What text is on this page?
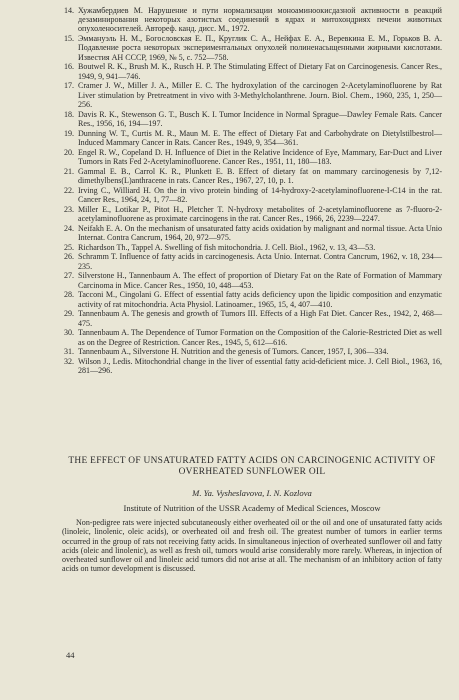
14. Хужамбердиев М. Нарушение и пути нормализации монoаминоокисдазной активности в реакций дезаминирования некоторых азотистых соединений в ядрах и митохондриях печени животных опухоленосителей. Автореф. канд. дисс. М., 1972.
15. Эммануэль Н. М., Богословская Е. П., Круглик С. А., Нейфах Е. А., Веревкина Е. М., Горьков В. А. Подавление роста некоторых экспериментальных опухолей полиненасыщенными жирными кислотами. Известия АН СССР, 1969, № 5, с. 752—758.
16. Boutwel R. K., Brush M. K., Rusch H. P. The Stimulating Effect of Dietary Fat on Carcinogenesis. Cancer Res., 1949, 9, 941—746.
17. Cramer J. W., Miller J. A., Miller E. C. The hydroxylation of the carcinogen 2-Acetylaminofluorene by Rat Liver stimulation by Pretreatment in vivo with 3-Methylcholanthrene. Journ. Biol. Chem., 1960, 235, 1, 250—256.
18. Davis R. K., Stewenson G. T., Busch K. I. Tumor Incidence in Normal Sprague—Dawley Female Rats. Cancer Res., 1956, 16, 194—197.
19. Dunning W. T., Curtis M. R., Maun M. E. The effect of Dietary Fat and Carbohydrate on Dietylstilbestrol—Induced Mammary Cancer in Rats. Cancer Res., 1949, 9, 354—361.
20. Engel R. W., Copeland D. H. Influence of Diet in the Relative Incidence of Eye, Mammary, Ear-Duct and Liver Tumors in Rats Fed 2-Acetylaminofluorene. Cancer Res., 1951, 11, 180—183.
21. Gammal E. B., Carrol K. R., Plunkett E. B. Effect of dietary fat on mammary carcinogenesis by 7,12-dimethylbens(L)anthracene in rats. Cancer Res., 1967, 27, 10, p. 1.
22. Irving C., Williard H. On the in vivo protein binding of 14-hydroxy-2-acetylaminofluorene-I-C14 in the rat. Cancer Res., 1964, 24, 1, 77—82.
23. Miller E., Lotikar P., Pitot H., Pletcher T. N-hydroxy metabolites of 2-acetylaminofluorene as 7-fluoro-2-acetylaminofluorene as proximate carcinogens in the rat. Cancer Res., 1966, 26, 2239—2247.
24. Neifakh E. A. On the mechanism of unsaturated fatty acids oxidation by malignant and normal tissue. Acta Unio Internat. Contra Cancrum, 1964, 20, 972—975.
25. Richardson Th., Tappel A. Swelling of fish mitochondria. J. Cell. Biol., 1962, v. 13, 43—53.
26. Schramm T. Influence of fatty acids in carcinogenesis. Acta Unio. Internat. Contra Cancrum, 1962, v. 18, 234—235.
27. Silverstone H., Tannenbaum A. The effect of proportion of Dietary Fat on the Rate of Formation of Mammary Carcinoma in Mice. Cancer Res., 1950, 10, 448—453.
28. Tacconi M., Cingolani G. Effect of essential fatty acids deficiency upon the lipidic composition and enzymatic activity of rat mitochondria. Acta Physiol. Latinoamer., 1965, 15, 4, 407—410.
29. Tannenbaum A. The genesis and growth of Tumors III. Effects of a High Fat Diet. Cancer Res., 1942, 2, 468—475.
30. Tannenbaum A. The Dependence of Tumor Formation on the Composition of the Calorie-Restricted Diet as well as on the Degree of Restriction. Cancer Res., 1945, 5, 612—616.
31. Tannenbaum A., Silverstone H. Nutrition and the genesis of Tumors. Cancer, 1957, I, 306—334.
32. Wilson J., Ledis. Mitochondrial change in the liver of essential fatty acid-deficient mice. J. Cell Biol., 1963, 16, 281—296.
THE EFFECT OF UNSATURATED FATTY ACIDS ON CARCINOGENIC ACTIVITY OF OVERHEATED SUNFLOWER OIL

M. Ya. Vysheslavova, I. N. Kozlova

Institute of Nutrition of the USSR Academy of Medical Sciences, Moscow

Non-pedigree rats were injected subcutaneously either overheated oil or the oil and one of unsaturated fatty acids (linoleic, linolenic, oleic acids), or overheated oil and fresh oil. The greatest number of tumors in earlier terms occurred in the group of rats not receiving fatty acids. In simultaneous injection of overheated sunflower oil and fatty acids (oleic and linolenic), as well as fresh oil, tumors would arise considerably more rarely. Whereas, in injection of overheated sunflower oil and linoleic acid tumors did not arise at all. The mechanism of an inhibitory action of fatty acids on tumor development is discussed.

44
